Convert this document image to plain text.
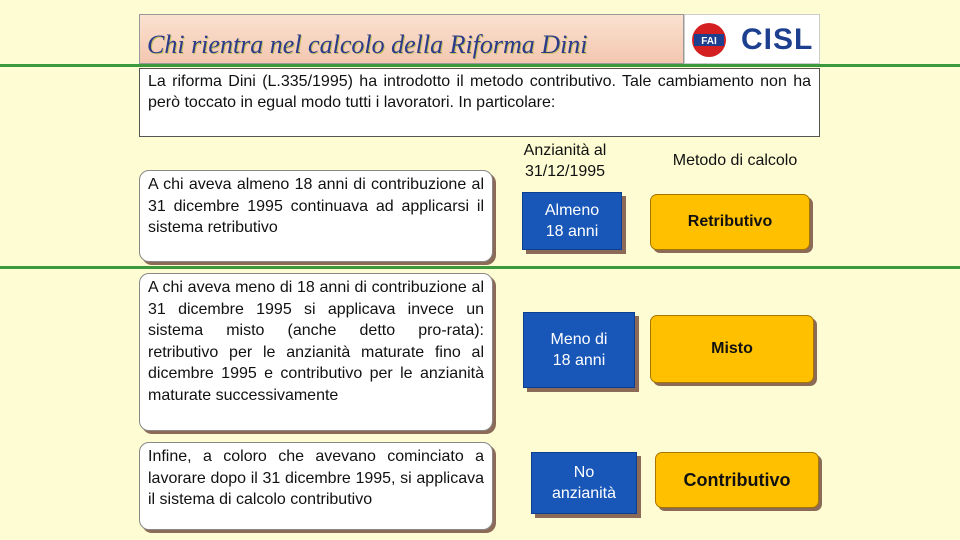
Chi rientra nel calcolo della Riforma Dini	FAI CISL
La riforma Dini (L.335/1995) ha introdotto il metodo contributivo. Tale cambiamento non ha però toccato in egual modo tutti i lavoratori. In particolare:
Anzianità al 31/12/1995
Metodo di calcolo
A chi aveva almeno 18 anni di contribuzione al 31 dicembre 1995 continuava ad applicarsi il sistema retributivo
Almeno 18 anni
Retributivo
A chi aveva meno di 18 anni di contribuzione al 31 dicembre 1995 si applicava invece un sistema misto (anche detto pro-rata): retributivo per le anzianità maturate fino al dicembre 1995 e contributivo per le anzianità maturate successivamente
Meno di 18 anni
Misto
Infine, a coloro che avevano cominciato a lavorare dopo il 31 dicembre 1995, si applicava il sistema di calcolo contributivo
No anzianità
Contributivo
